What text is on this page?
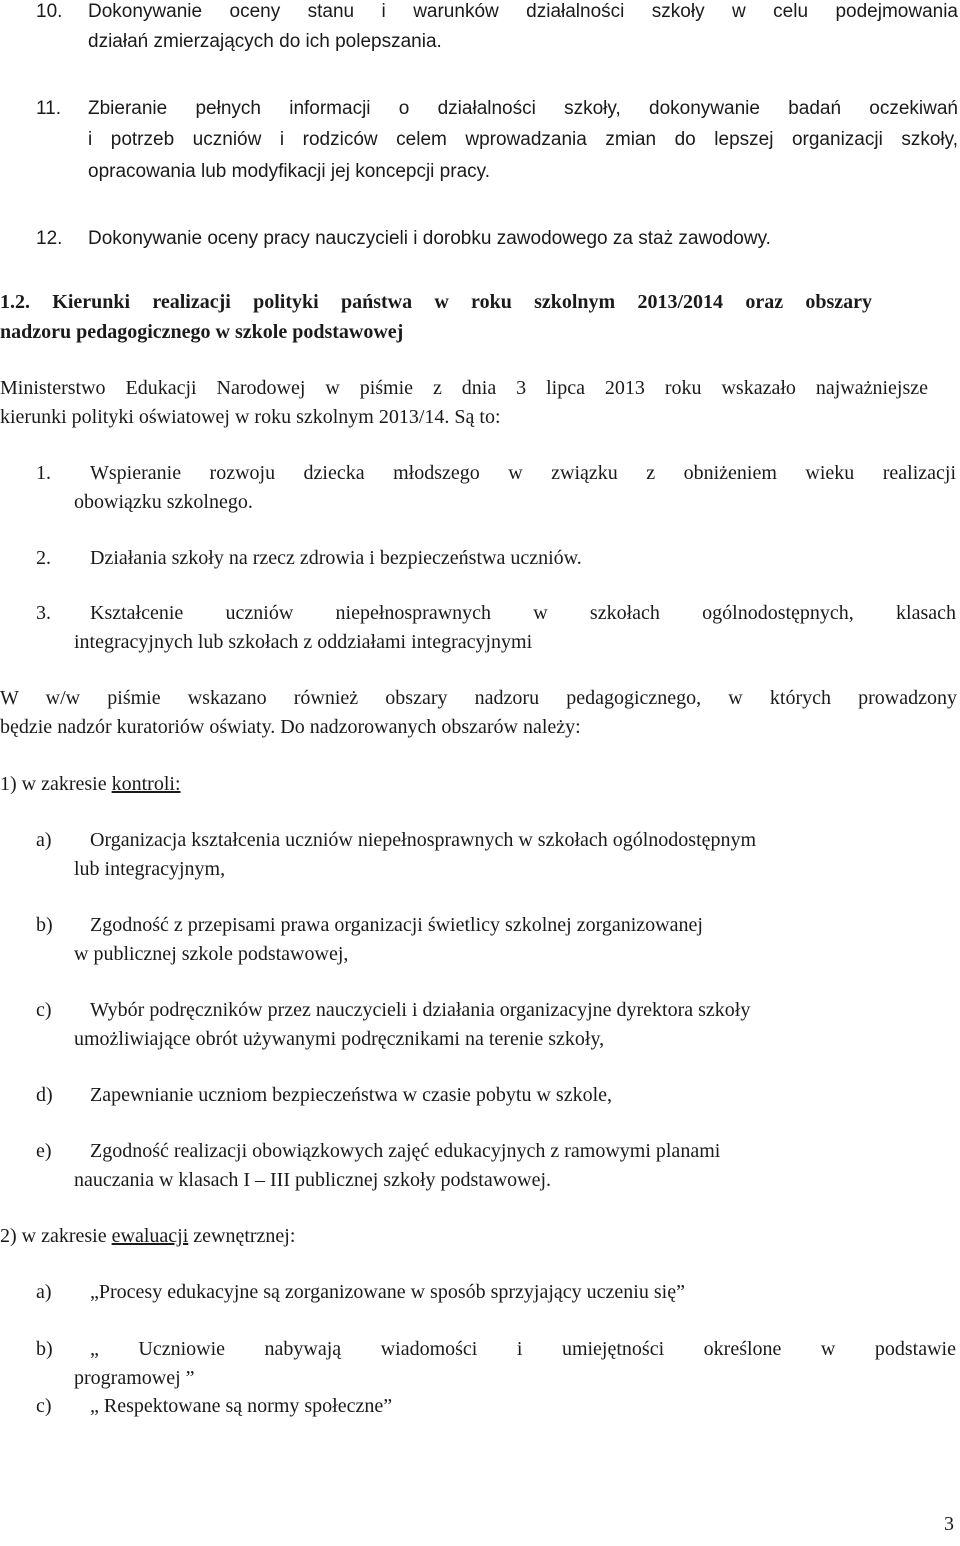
10. Dokonywanie oceny stanu i warunków działalności szkoły w celu podejmowania
działań zmierzających do ich polepszania.
11. Zbieranie pełnych informacji o działalności szkoły, dokonywanie badań oczekiwań
i potrzeb uczniów i rodziców celem wprowadzania zmian do lepszej organizacji szkoły,
opracowania lub modyfikacji jej koncepcji pracy.
12. Dokonywanie oceny pracy nauczycieli i dorobku zawodowego za staż zawodowy.
1.2. Kierunki realizacji polityki państwa w roku szkolnym 2013/2014 oraz obszary
nadzoru pedagogicznego w szkole podstawowej
Ministerstwo Edukacji Narodowej w piśmie z dnia 3 lipca 2013 roku wskazało najważniejsze
kierunki polityki oświatowej w roku szkolnym 2013/14. Są to:
1. Wspieranie rozwoju dziecka młodszego w związku z obniżeniem wieku realizacji
obowiązku szkolnego.
2. Działania szkoły na rzecz zdrowia i bezpieczeństwa uczniów.
3. Kształcenie uczniów niepełnosprawnych w szkołach ogólnodostępnych, klasach
integracyjnych lub szkołach z oddziałami integracyjnymi
W w/w piśmie wskazano również obszary nadzoru pedagogicznego, w których prowadzony
będzie nadzór kuratoriów oświaty. Do nadzorowanych obszarów należy:
1) w zakresie kontroli:
a) Organizacja kształcenia uczniów niepełnosprawnych w szkołach ogólnodostępnym
lub integracyjnym,
b) Zgodność z przepisami prawa organizacji świetlicy szkolnej zorganizowanej
w publicznej szkole podstawowej,
c) Wybór podręczników przez nauczycieli i działania organizacyjne dyrektora szkoły
umożliwiające obrót używanymi podręcznikami na terenie szkoły,
d) Zapewnianie uczniom bezpieczeństwa w czasie pobytu w szkole,
e) Zgodność realizacji obowiązkowych zajęć edukacyjnych z ramowymi planami
nauczania w klasach I – III publicznej szkoły podstawowej.
2) w zakresie ewaluacji zewnętrznej:
a) „Procesy edukacyjne są zorganizowane w sposób sprzyjający uczeniu się”
b) „ Uczniowie nabywają wiadomości i umiejętności określone w podstawie
programowej ”
c) „ Respektowane są normy społeczne”
3
